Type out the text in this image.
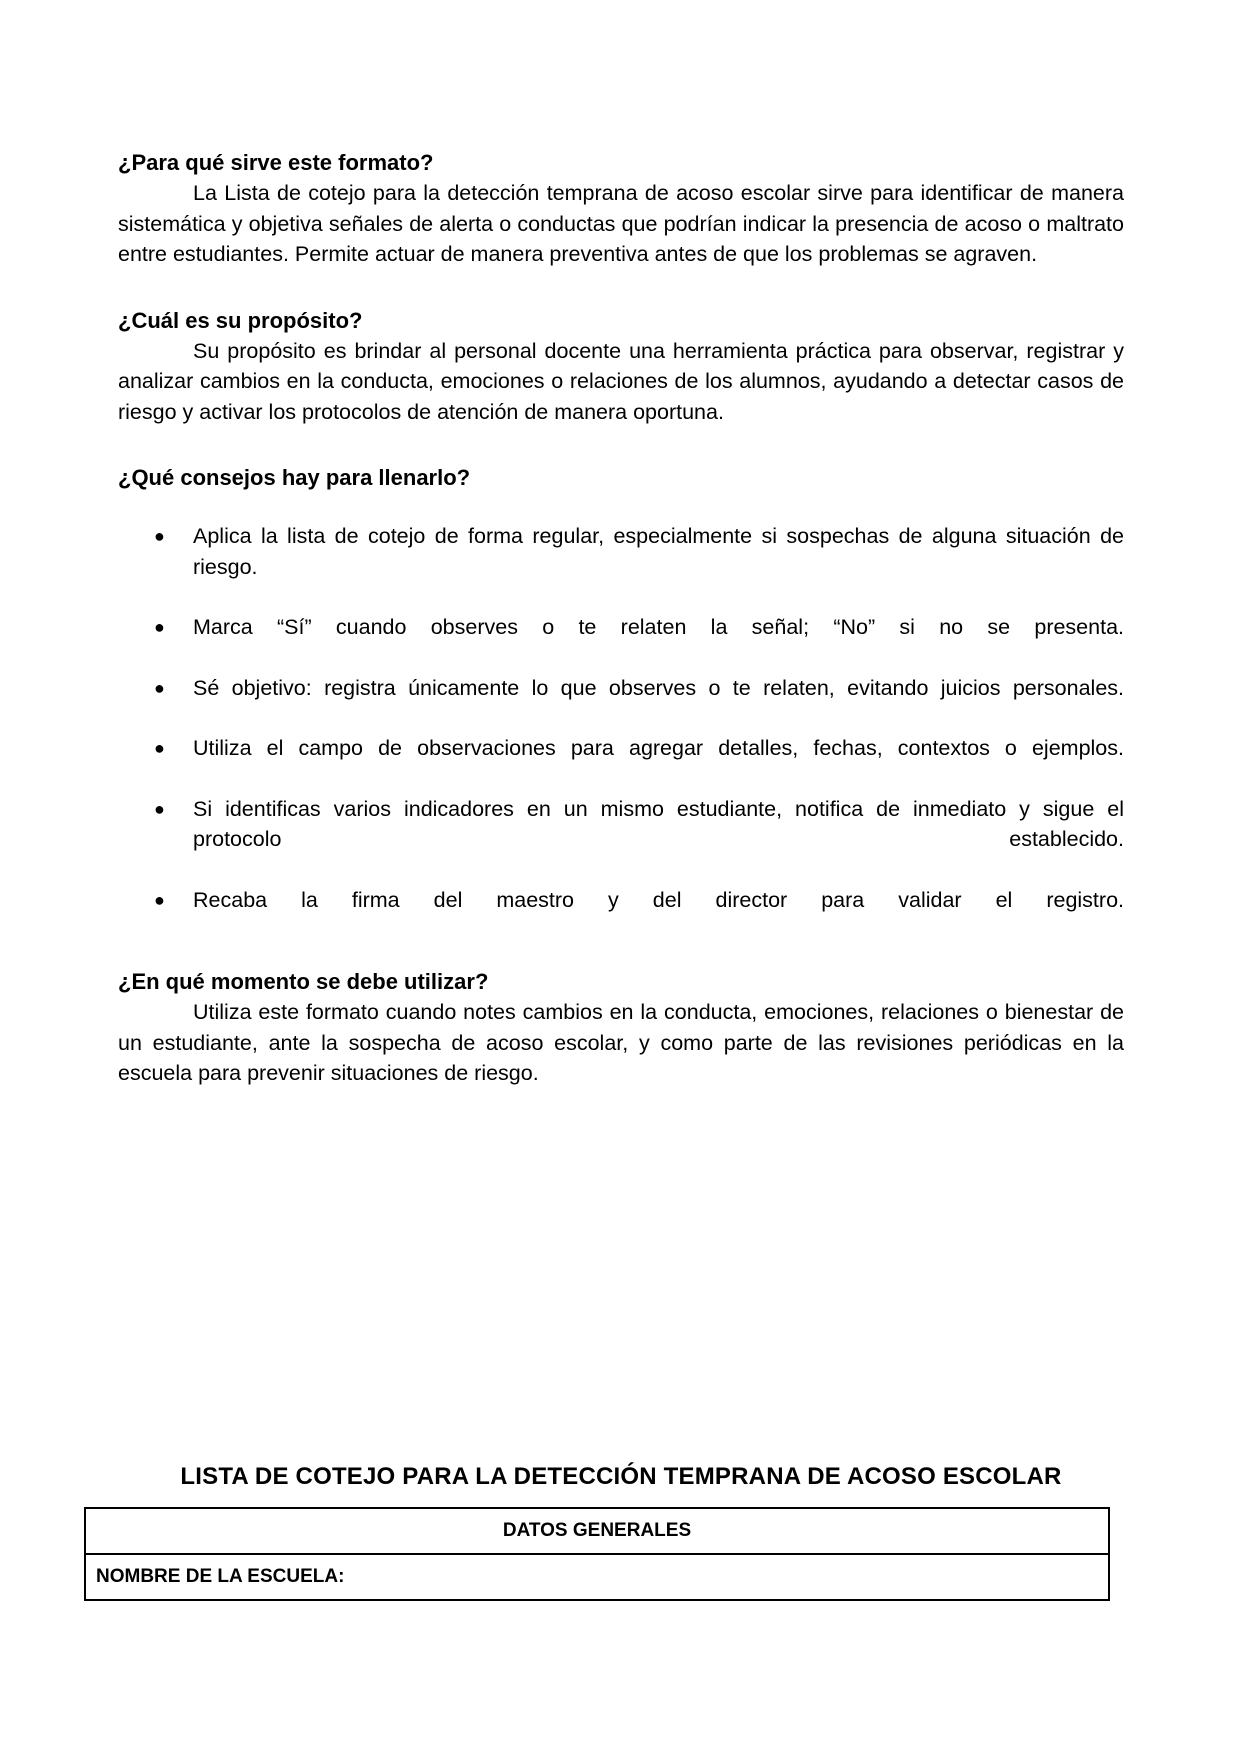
¿Para qué sirve este formato?

La Lista de cotejo para la detección temprana de acoso escolar sirve para identificar de manera sistemática y objetiva señales de alerta o conductas que podrían indicar la presencia de acoso o maltrato entre estudiantes. Permite actuar de manera preventiva antes de que los problemas se agraven.

¿Cuál es su propósito?

Su propósito es brindar al personal docente una herramienta práctica para observar, registrar y analizar cambios en la conducta, emociones o relaciones de los alumnos, ayudando a detectar casos de riesgo y activar los protocolos de atención de manera oportuna.

¿Qué consejos hay para llenarlo?
● Aplica la lista de cotejo de forma regular, especialmente si sospechas de alguna situación de riesgo.
● Marca “Sí” cuando observes o te relaten la señal; “No” si no se presenta.
● Sé objetivo: registra únicamente lo que observes o te relaten, evitando juicios personales.
● Utiliza el campo de observaciones para agregar detalles, fechas, contextos o ejemplos.
● Si identificas varios indicadores en un mismo estudiante, notifica de inmediato y sigue el protocolo establecido.
● Recaba la firma del maestro y del director para validar el registro.
¿En qué momento se debe utilizar?

Utiliza este formato cuando notes cambios en la conducta, emociones, relaciones o bienestar de un estudiante, ante la sospecha de acoso escolar, y como parte de las revisiones periódicas en la escuela para prevenir situaciones de riesgo.

LISTA DE COTEJO PARA LA DETECCIÓN TEMPRANA DE ACOSO ESCOLAR
DATOS GENERALES
NOMBRE DE LA ESCUELA:
